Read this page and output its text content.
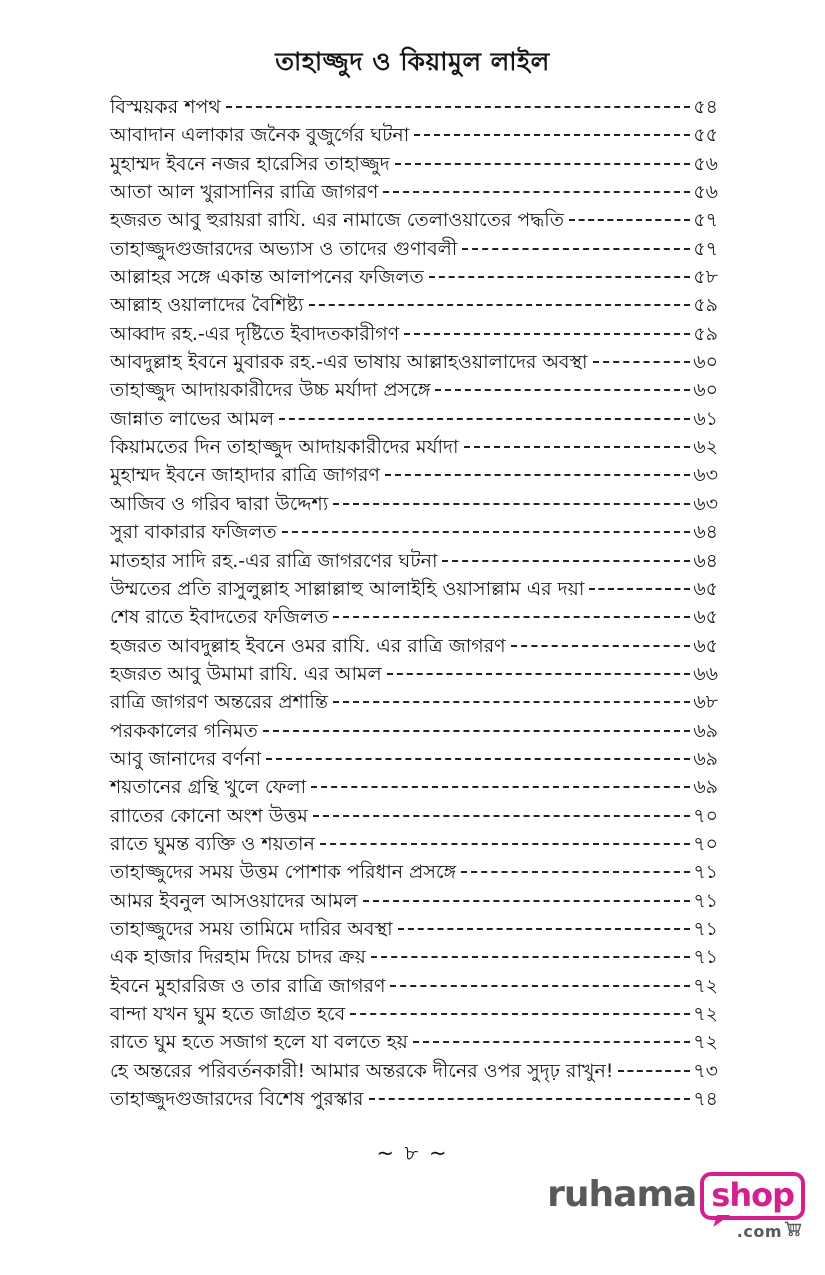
তাহাজ্জুদ ও কিয়ামুল লাইল
বিস্ময়কর শপথ	৫৪
আবাদান এলাকার জনৈক বুজুর্গের ঘটনা	৫৫
মুহাম্মদ ইবনে নজর হারেসির তাহাজ্জুদ	৫৬
আতা আল খুরাসানির রাত্রি জাগরণ	৫৬
হজরত আবু হুরায়রা রাযি. এর নামাজে তেলাওয়াতের পদ্ধতি	৫৭
তাহাজ্জুদগুজারদের অভ্যাস ও তাদের গুণাবলী	৫৭
আল্লাহর সঙ্গে একান্ত আলাপনের ফজিলত	৫৮
আল্লাহ ওয়ালাদের বৈশিষ্ট্য	৫৯
আব্বাদ রহ.-এর দৃষ্টিতে ইবাদতকারীগণ	৫৯
আবদুল্লাহ ইবনে মুবারক রহ.-এর ভাষায় আল্লাহওয়ালাদের অবস্থা	৬০
তাহাজ্জুদ আদায়কারীদের উচ্চ মর্যাদা প্রসঙ্গে	৬০
জান্নাত লাভের আমল	৬১
কিয়ামতের দিন তাহাজ্জুদ আদায়কারীদের মর্যাদা	৬২
মুহাম্মদ ইবনে জাহাদার রাত্রি জাগরণ	৬৩
আজিব ও গরিব দ্বারা উদ্দেশ্য	৬৩
সুরা বাকারার ফজিলত	৬৪
মাতহার সাদি রহ.-এর রাত্রি জাগরণের ঘটনা	৬৪
উম্মতের প্রতি রাসুলুল্লাহ সাল্লাল্লাহু আলাইহি ওয়াসাল্লাম এর দয়া	৬৫
শেষ রাতে ইবাদতের ফজিলত	৬৫
হজরত আবদুল্লাহ ইবনে ওমর রাযি. এর রাত্রি জাগরণ	৬৫
হজরত আবু উমামা রাযি. এর আমল	৬৬
রাত্রি জাগরণ অন্তরের প্রশান্তি	৬৮
পরককালের গনিমত	৬৯
আবু জানাদের বর্ণনা	৬৯
শয়তানের গ্রন্থি খুলে ফেলা	৬৯
রাাতের কোনো অংশ উত্তম	৭০
রাতে ঘুমন্ত ব্যক্তি ও শয়তান	৭০
তাহাজ্জুদের সময় উত্তম পোশাক পরিধান প্রসঙ্গে	৭১
আমর ইবনুল আসওয়াদের আমল	৭১
তাহাজ্জুদের সময় তামিমে দারির অবস্থা	৭১
এক হাজার দিরহাম দিয়ে চাদর ক্রয়	৭১
ইবনে মুহাররিজ ও তার রাত্রি জাগরণ	৭২
বান্দা যখন ঘুম হতে জাগ্রত হবে	৭২
রাতে ঘুম হতে সজাগ হলে যা বলতে হয়	৭২
হে অন্তরের পরিবর্তনকারী! আমার অন্তরকে দীনের ওপর সুদৃঢ় রাখুন!	৭৩
তাহাজ্জুদগুজারদের বিশেষ পুরস্কার	৭৪
~ ৮ ~
ruhama shop
.com
